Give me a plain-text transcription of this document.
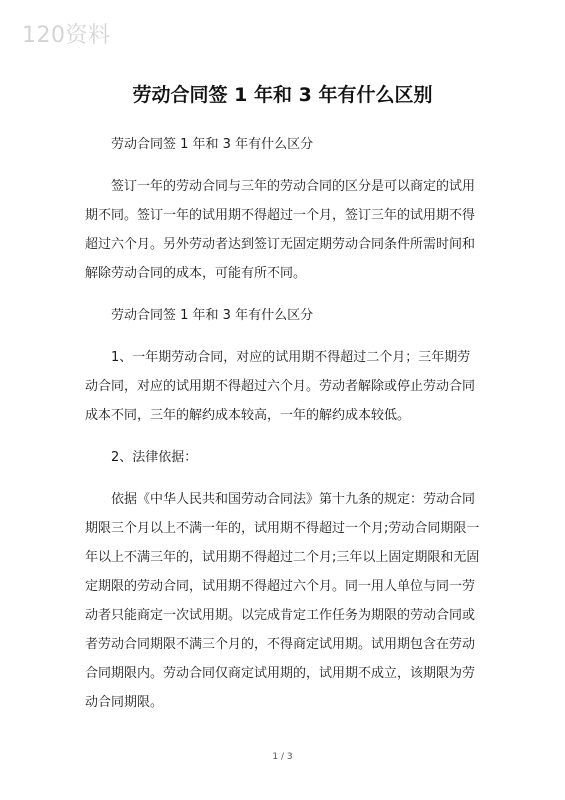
120资料
劳动合同签 1 年和 3 年有什么区别

劳动合同签 1 年和 3 年有什么区分

签订一年的劳动合同与三年的劳动合同的区分是可以商定的试用期不同。签订一年的试用期不得超过一个月，签订三年的试用期不得超过六个月。另外劳动者达到签订无固定期劳动合同条件所需时间和解除劳动合同的成本，可能有所不同。

劳动合同签 1 年和 3 年有什么区分

1、一年期劳动合同，对应的试用期不得超过二个月；三年期劳动合同，对应的试用期不得超过六个月。劳动者解除或停止劳动合同成本不同，三年的解约成本较高，一年的解约成本较低。

2、法律依据：

依据《中华人民共和国劳动合同法》第十九条的规定：劳动合同期限三个月以上不满一年的，试用期不得超过一个月;劳动合同期限一年以上不满三年的，试用期不得超过二个月;三年以上固定期限和无固定期限的劳动合同，试用期不得超过六个月。同一用人单位与同一劳动者只能商定一次试用期。以完成肯定工作任务为期限的劳动合同或者劳动合同期限不满三个月的，不得商定试用期。试用期包含在劳动合同期限内。劳动合同仅商定试用期的，试用期不成立，该期限为劳动合同期限。

1 / 3
